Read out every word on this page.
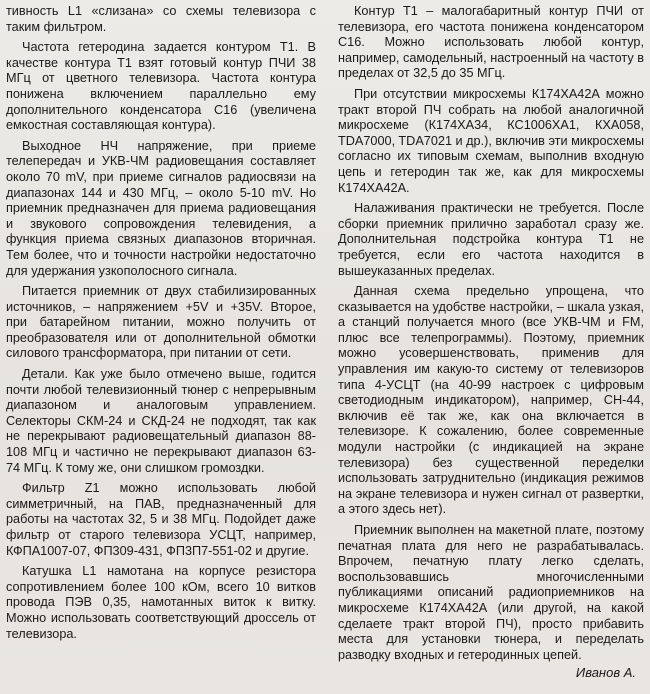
тивность L1 «слизана» со схемы телевизора с таким фильтром.

Частота гетеродина задается контуром Т1. В качестве контура Т1 взят готовый контур ПЧИ 38 МГц от цветного телевизора. Частота контура понижена включением параллельно ему дополнительного конденсатора С16 (увеличена емкостная составляющая контура).

Выходное НЧ напряжение, при приеме телепередач и УКВ-ЧМ радиовещания составляет около 70 mV, при приеме сигналов радиосвязи на диапазонах 144 и 430 МГц, – около 5-10 mV. Но приемник предназначен для приема радиовещания и звукового сопровождения телевидения, а функция приема связных диапазонов вторичная. Тем более, что и точности настройки недостаточно для удержания узкополосного сигнала.

Питается приемник от двух стабилизированных источников, – напряжением +5V и +35V. Второе, при батарейном питании, можно получить от преобразователя или от дополнительной обмотки силового трансформатора, при питании от сети.

Детали. Как уже было отмечено выше, годится почти любой телевизионный тюнер с непрерывным диапазоном и аналоговым управлением. Селекторы СКМ-24 и СКД-24 не подходят, так как не перекрывают радиовещательный диапазон 88-108 МГц и частично не перекрывают диапазон 63-74 МГц. К тому же, они слишком громоздки.

Фильтр Z1 можно использовать любой симметричный, на ПАВ, предназначенный для работы на частотах 32, 5 и 38 МГц. Подойдет даже фильтр от старого телевизора УСЦТ, например, КФПА1007-07, ФП309-431, ФП3П7-551-02 и другие.

Катушка L1 намотана на корпусе резистора сопротивлением более 100 кОм, всего 10 витков провода ПЭВ 0,35, намотанных виток к витку. Можно использовать соответствующий дроссель от телевизора.

Контур Т1 – малогабаритный контур ПЧИ от телевизора, его частота понижена конденсатором С16. Можно использовать любой контур, например, самодельный, настроенный на частоту в пределах от 32,5 до 35 МГц.

При отсутствии микросхемы К174ХА42А можно тракт второй ПЧ собрать на любой аналогичной микросхеме (К174ХА34, КС1006ХА1, КХА058, TDA7000, TDA7021 и др.), включив эти микросхемы согласно их типовым схемам, выполнив входную цепь и гетеродин так же, как для микросхемы К174ХА42А.

Налаживания практически не требуется. После сборки приемник прилично заработал сразу же. Дополнительная подстройка контура Т1 не требуется, если его частота находится в вышеуказанных пределах.

Данная схема предельно упрощена, что сказывается на удобстве настройки, – шкала узкая, а станций получается много (все УКВ-ЧМ и FM, плюс все телепрограммы). Поэтому, приемник можно усовершенствовать, применив для управления им какую-то систему от телевизоров типа 4-УСЦТ (на 40-99 настроек с цифровым светодиодным индикатором), например, СН-44, включив её так же, как она включается в телевизоре. К сожалению, более современные модули настройки (с индикацией на экране телевизора) без существенной переделки использовать затруднительно (индикация режимов на экране телевизора и нужен сигнал от развертки, а этого здесь нет).

Приемник выполнен на макетной плате, поэтому печатная плата для него не разрабатывалась. Впрочем, печатную плату легко сделать, воспользовавшись многочисленными публикациями описаний радиоприемников на микросхеме К174ХА42А (или другой, на какой сделаете тракт второй ПЧ), просто прибавить места для установки тюнера, и переделать разводку входных и гетеродинных цепей.

Иванов А.
